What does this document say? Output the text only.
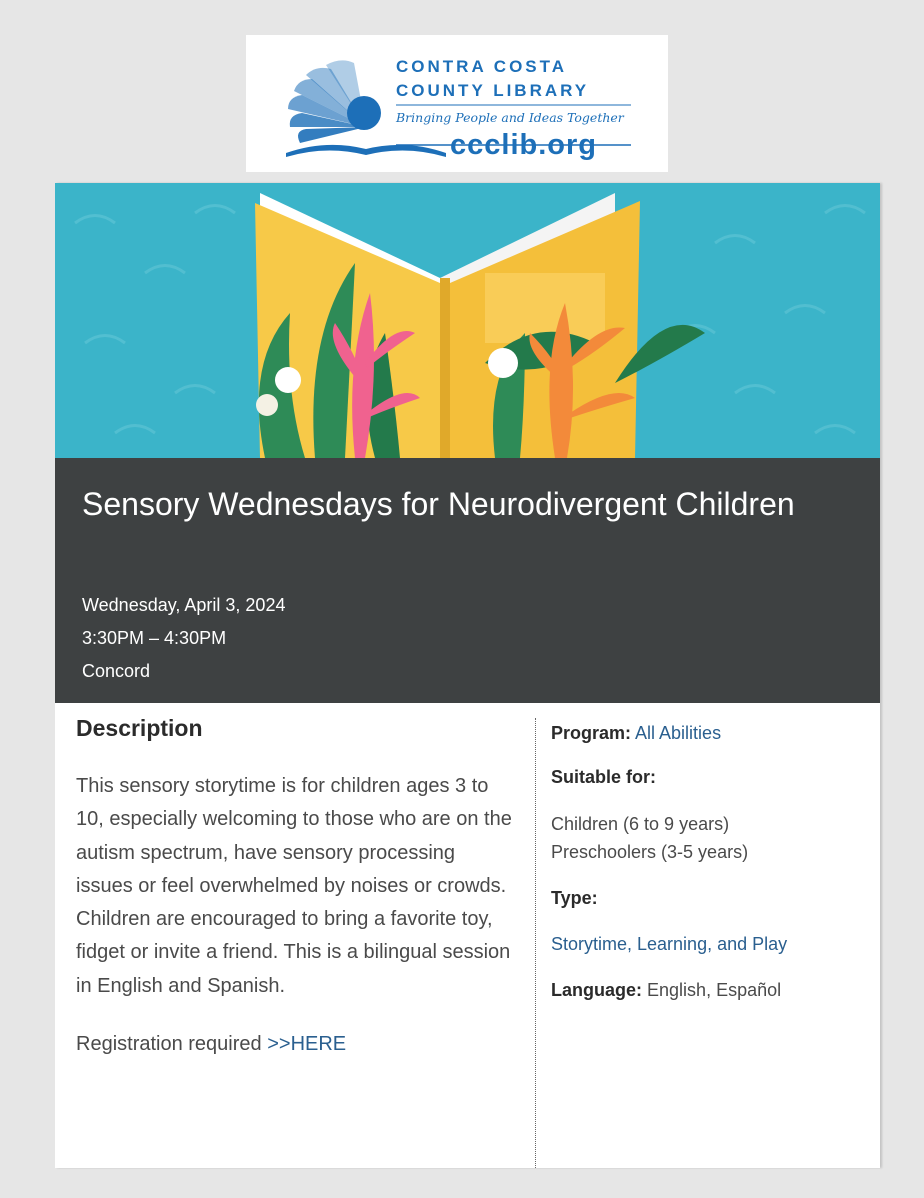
CONTRA COSTA
COUNTY LIBRARY
Bringing People and Ideas Together
ccclib.org
Sensory Wednesdays for Neurodivergent Children
Wednesday, April 3, 2024
3:30PM – 4:30PM
Concord
Description

This sensory storytime is for children ages 3 to 10, especially welcoming to those who are on the autism spectrum, have sensory processing issues or feel overwhelmed by noises or crowds. Children are encouraged to bring a favorite toy, fidget or invite a friend. This is a bilingual session in English and Spanish.

Registration required >>HERE
Program: All Abilities
Suitable for:
Children (6 to 9 years)
Preschoolers (3-5 years)
Type:
Storytime, Learning, and Play
Language: English, Español
